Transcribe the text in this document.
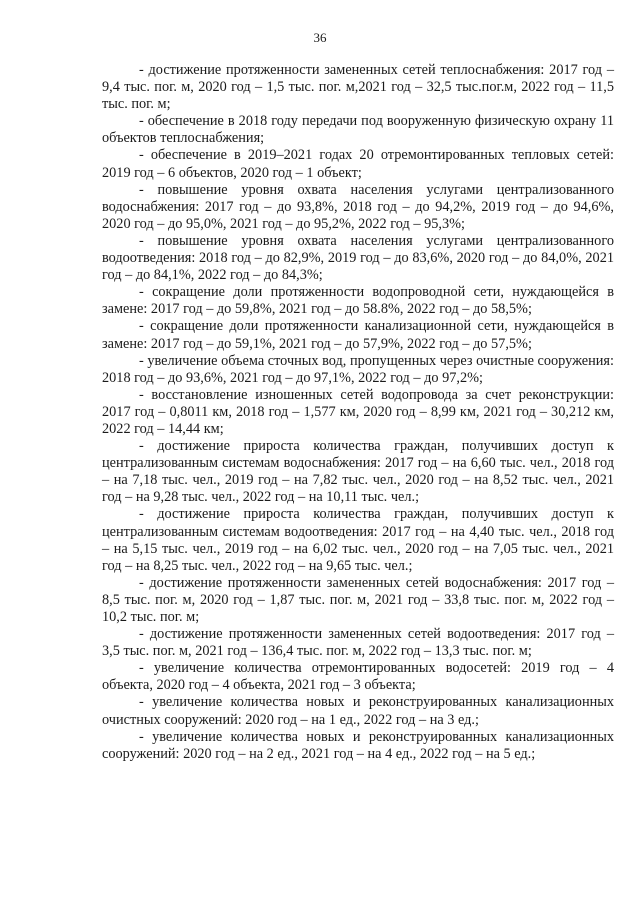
36

- достижение протяженности замененных сетей теплоснабжения: 2017 год – 9,4 тыс. пог. м, 2020 год – 1,5 тыс. пог. м,2021 год – 32,5 тыс.пог.м, 2022 год – 11,5 тыс. пог. м;

- обеспечение в 2018 году передачи под вооруженную физическую охрану 11 объектов теплоснабжения;

- обеспечение в 2019–2021 годах 20 отремонтированных тепловых сетей: 2019 год – 6 объектов, 2020 год – 1 объект;

- повышение уровня охвата населения услугами централизованного водоснабжения: 2017 год – до 93,8%, 2018 год – до 94,2%, 2019 год – до 94,6%, 2020 год – до 95,0%, 2021 год – до 95,2%, 2022 год – 95,3%;

- повышение уровня охвата населения услугами централизованного водоотведения: 2018 год – до 82,9%, 2019 год – до 83,6%, 2020 год – до 84,0%, 2021 год – до 84,1%, 2022 год – до 84,3%;

- сокращение доли протяженности водопроводной сети, нуждающейся в замене: 2017 год – до 59,8%, 2021 год – до 58.8%, 2022 год – до 58,5%;

- сокращение доли протяженности канализационной сети, нуждающейся в замене: 2017 год – до 59,1%, 2021 год – до 57,9%, 2022 год – до 57,5%;

- увеличение объема сточных вод, пропущенных через очистные сооружения: 2018 год – до 93,6%, 2021 год – до 97,1%, 2022 год – до 97,2%;

- восстановление изношенных сетей водопровода за счет реконструкции: 2017 год – 0,8011 км, 2018 год – 1,577 км, 2020 год – 8,99 км, 2021 год – 30,212 км, 2022 год – 14,44 км;

- достижение прироста количества граждан, получивших доступ к централизованным системам водоснабжения: 2017 год – на 6,60 тыс. чел., 2018 год – на 7,18 тыс. чел., 2019 год – на 7,82 тыс. чел., 2020 год – на 8,52 тыс. чел., 2021 год – на 9,28 тыс. чел., 2022 год – на 10,11 тыс. чел.;

- достижение прироста количества граждан, получивших доступ к централизованным системам водоотведения: 2017 год – на 4,40 тыс. чел., 2018 год – на 5,15 тыс. чел., 2019 год – на 6,02 тыс. чел., 2020 год – на 7,05 тыс. чел., 2021 год – на 8,25 тыс. чел., 2022 год – на 9,65 тыс. чел.;

- достижение протяженности замененных сетей водоснабжения: 2017 год – 8,5 тыс. пог. м, 2020 год – 1,87 тыс. пог. м, 2021 год – 33,8 тыс. пог. м, 2022 год – 10,2 тыс. пог. м;

- достижение протяженности замененных сетей водоотведения: 2017 год – 3,5 тыс. пог. м, 2021 год – 136,4 тыс. пог. м, 2022 год – 13,3 тыс. пог. м;

- увеличение количества отремонтированных водосетей: 2019 год – 4 объекта, 2020 год – 4 объекта, 2021 год – 3 объекта;

- увеличение количества новых и реконструированных канализационных очистных сооружений: 2020 год – на 1 ед., 2022 год – на 3 ед.;

- увеличение количества новых и реконструированных канализационных сооружений: 2020 год – на 2 ед., 2021 год – на 4 ед., 2022 год – на 5 ед.;
